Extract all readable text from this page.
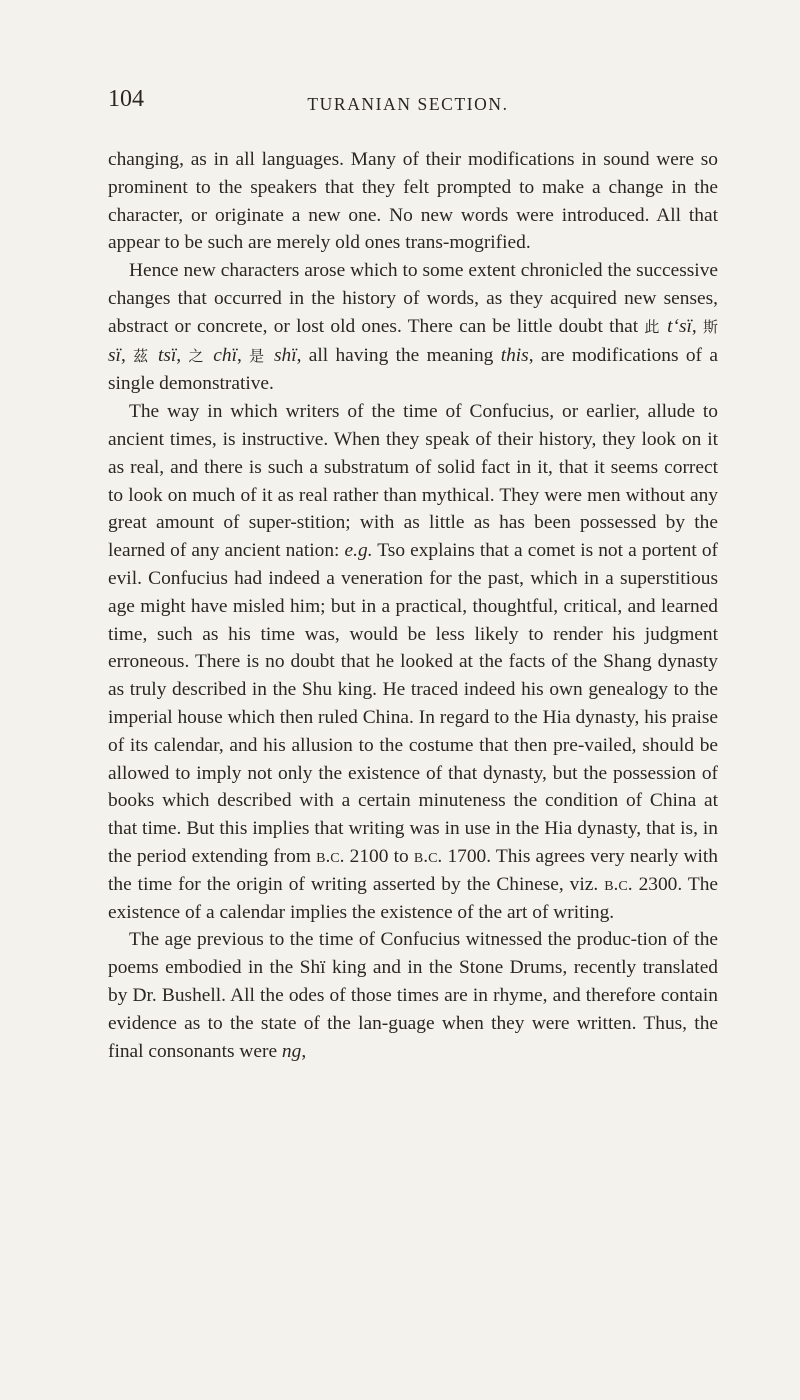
104	TURANIAN SECTION.

changing, as in all languages. Many of their modifications in sound were so prominent to the speakers that they felt prompted to make a change in the character, or originate a new one. No new words were introduced. All that appear to be such are merely old ones trans-mogrified.

Hence new characters arose which to some extent chronicled the successive changes that occurred in the history of words, as they acquired new senses, abstract or concrete, or lost old ones. There can be little doubt that 此 t‘sï, 斯 sï, 茲 tsï, 之 chï, 是 shï, all having the meaning this, are modifications of a single demonstrative.

The way in which writers of the time of Confucius, or earlier, allude to ancient times, is instructive. When they speak of their history, they look on it as real, and there is such a substratum of solid fact in it, that it seems correct to look on much of it as real rather than mythical. They were men without any great amount of super-stition; with as little as has been possessed by the learned of any ancient nation: e.g. Tso explains that a comet is not a portent of evil. Confucius had indeed a veneration for the past, which in a superstitious age might have misled him; but in a practical, thoughtful, critical, and learned time, such as his time was, would be less likely to render his judgment erroneous. There is no doubt that he looked at the facts of the Shang dynasty as truly described in the Shu king. He traced indeed his own genealogy to the imperial house which then ruled China. In regard to the Hia dynasty, his praise of its calendar, and his allusion to the costume that then pre-vailed, should be allowed to imply not only the existence of that dynasty, but the possession of books which described with a certain minuteness the condition of China at that time. But this implies that writing was in use in the Hia dynasty, that is, in the period extending from b.c. 2100 to b.c. 1700. This agrees very nearly with the time for the origin of writing asserted by the Chinese, viz. b.c. 2300. The existence of a calendar implies the existence of the art of writing.

The age previous to the time of Confucius witnessed the produc-tion of the poems embodied in the Shï king and in the Stone Drums, recently translated by Dr. Bushell. All the odes of those times are in rhyme, and therefore contain evidence as to the state of the lan-guage when they were written. Thus, the final consonants were ng,
